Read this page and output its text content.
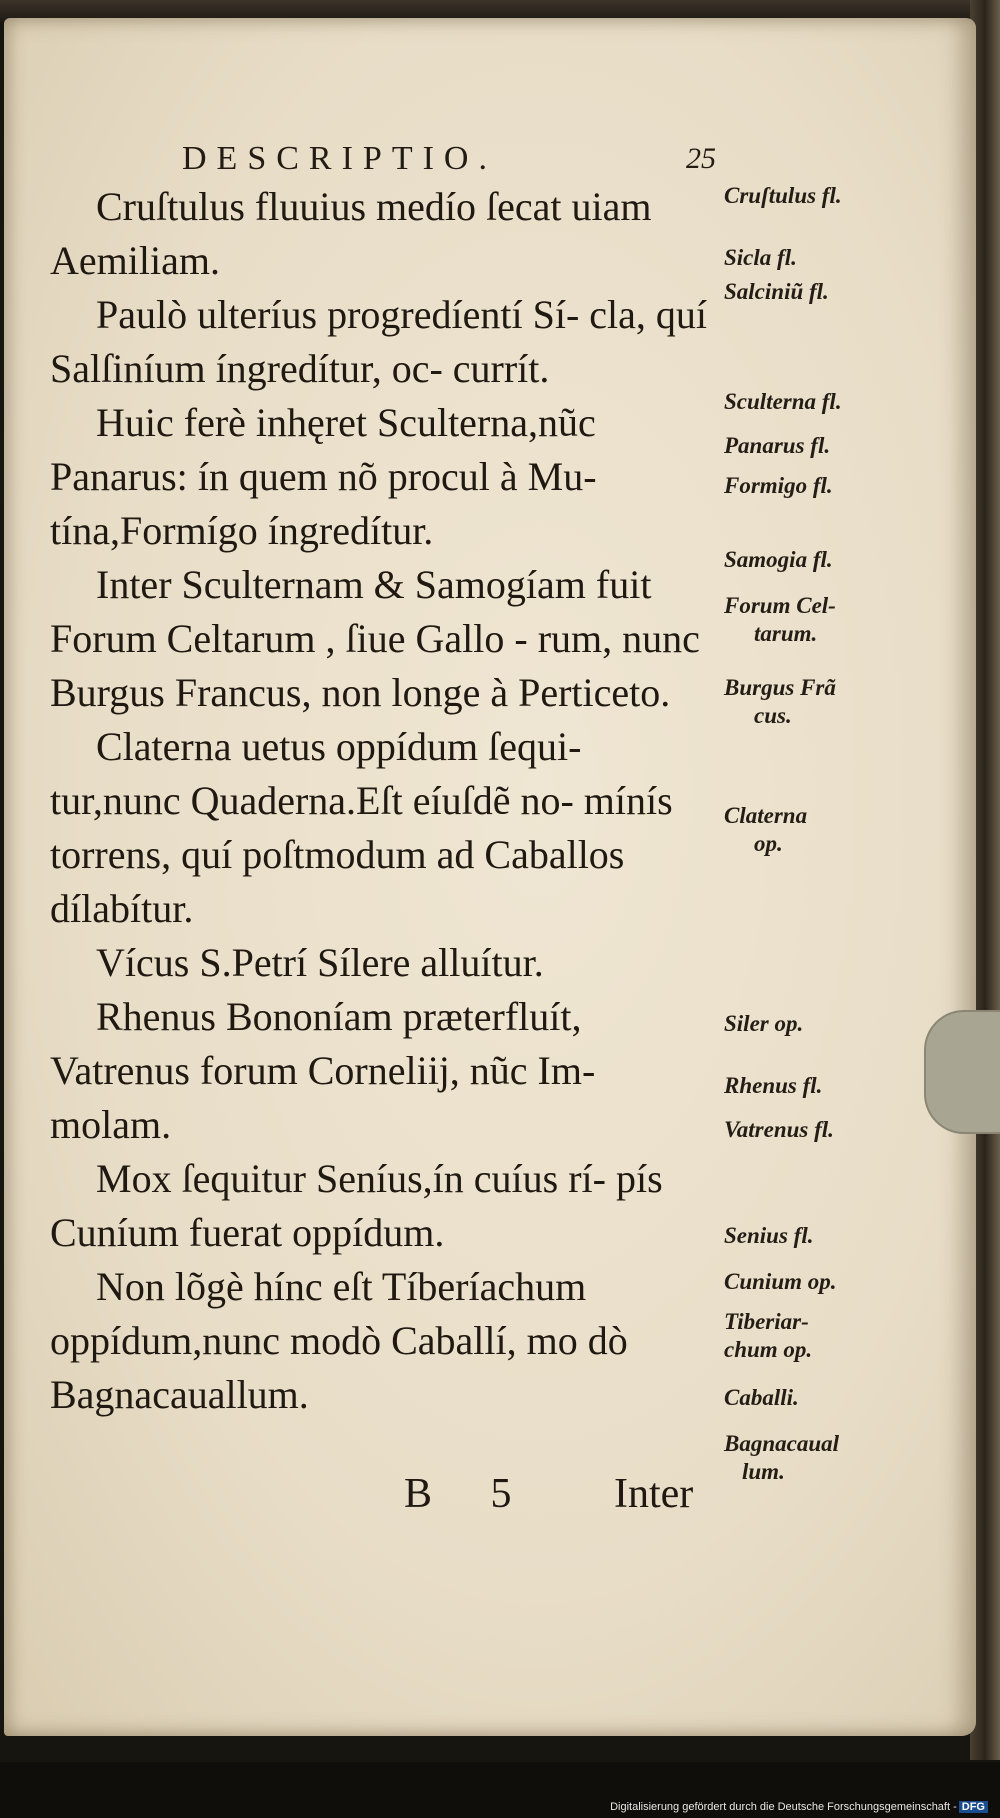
DESCRIPTIO.	25

Cruſtulus fluuius medío ſecat uiam Aemiliam.

Paulò ulteríus progredíentí Sí- cla, quí Salſiníum íngredítur, oc- currít.

Huic ferè inhęret Sculterna,nũc Panarus: ín quem nõ procul à Mu- tína,Formígo íngredítur.

Inter Sculternam & Samogíam fuit Forum Celtarum , ſiue Gallo - rum, nunc Burgus Francus, non longe à Perticeto.

Claterna uetus oppídum ſequi- tur,nunc Quaderna.Eſt eíuſdẽ no- mínís torrens, quí poſtmodum ad Caballos dílabítur.

Vícus S.Petrí Sílere alluítur.

Rhenus Bononíam præterfluít, Vatrenus forum Corneliĳ, nũc Im- molam.

Mox ſequitur Seníus,ín cuíus rí- pís Cuníum fuerat oppídum.

Non lõgè hínc eſt Tíberíachum oppídum,nunc modò Caballí, mo dò Bagnacauallum.

Cruſtulus fl.
Sicla fl.
Salciniũ fl.
Sculterna fl.
Panarus fl.
Formigo fl.
Samogia fl.
Forum Cel-
tarum.
Burgus Frã
cus.
Claterna
op.
Siler op.
Rhenus fl.
Vatrenus fl.
Senius fl.
Cunium op.
Tiberiar-
chum op.
Caballi.
Bagnacaual
lum.
B 5 Inter
Digitalisierung gefördert durch die Deutsche Forschungsgemeinschaft - DFG
